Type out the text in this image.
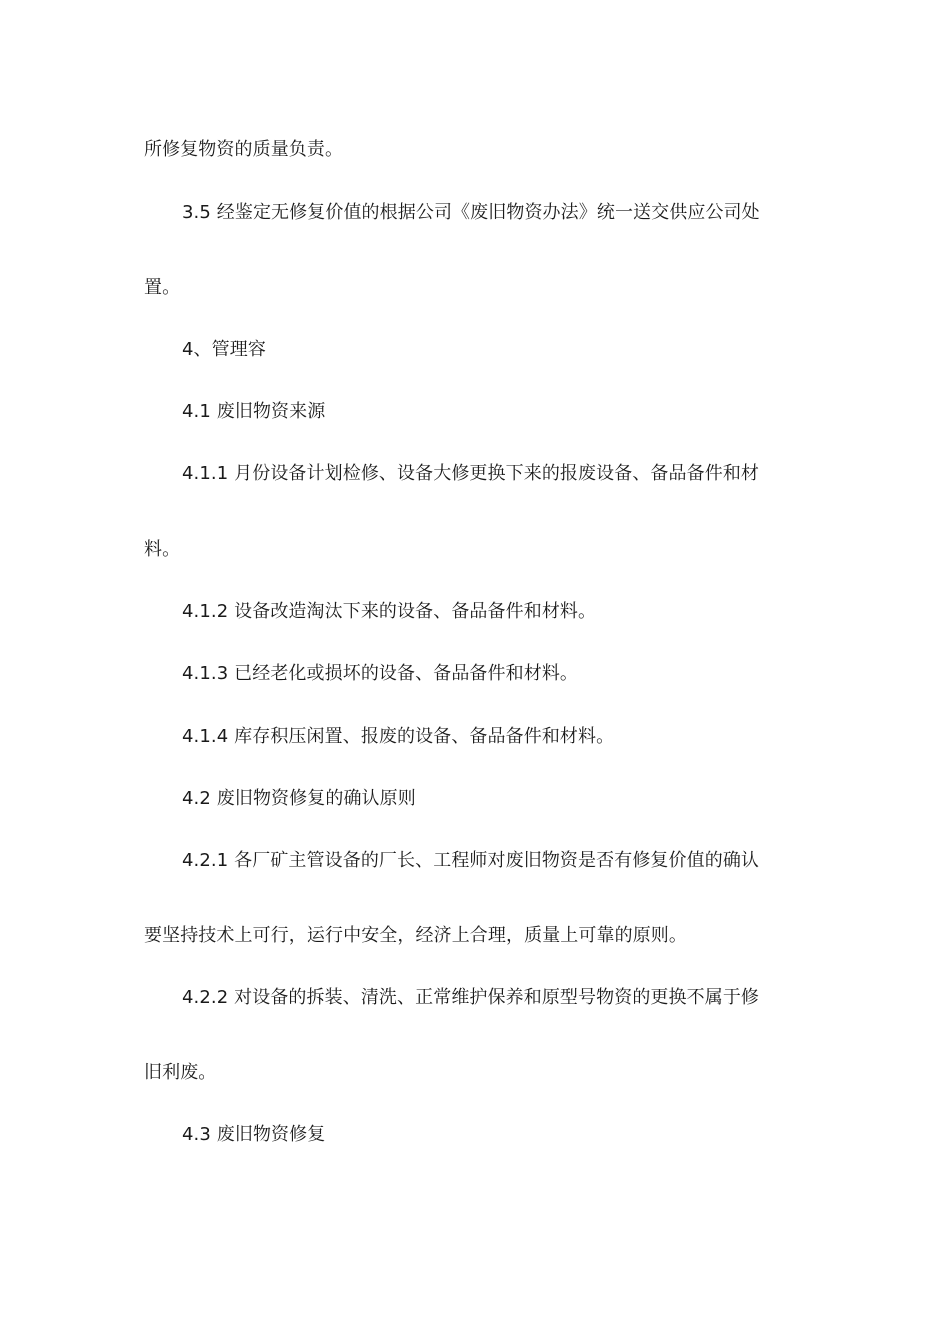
所修复物资的质量负责。
3.5 经鉴定无修复价值的根据公司《废旧物资办法》统一送交供应公司处
置。
4、管理容
4.1 废旧物资来源
4.1.1 月份设备计划检修、设备大修更换下来的报废设备、备品备件和材
料。
4.1.2 设备改造淘汰下来的设备、备品备件和材料。
4.1.3 已经老化或损坏的设备、备品备件和材料。
4.1.4 库存积压闲置、报废的设备、备品备件和材料。
4.2 废旧物资修复的确认原则
4.2.1 各厂矿主管设备的厂长、工程师对废旧物资是否有修复价值的确认
要坚持技术上可行，运行中安全，经济上合理，质量上可靠的原则。
4.2.2 对设备的拆装、清洗、正常维护保养和原型号物资的更换不属于修
旧利废。
4.3 废旧物资修复
